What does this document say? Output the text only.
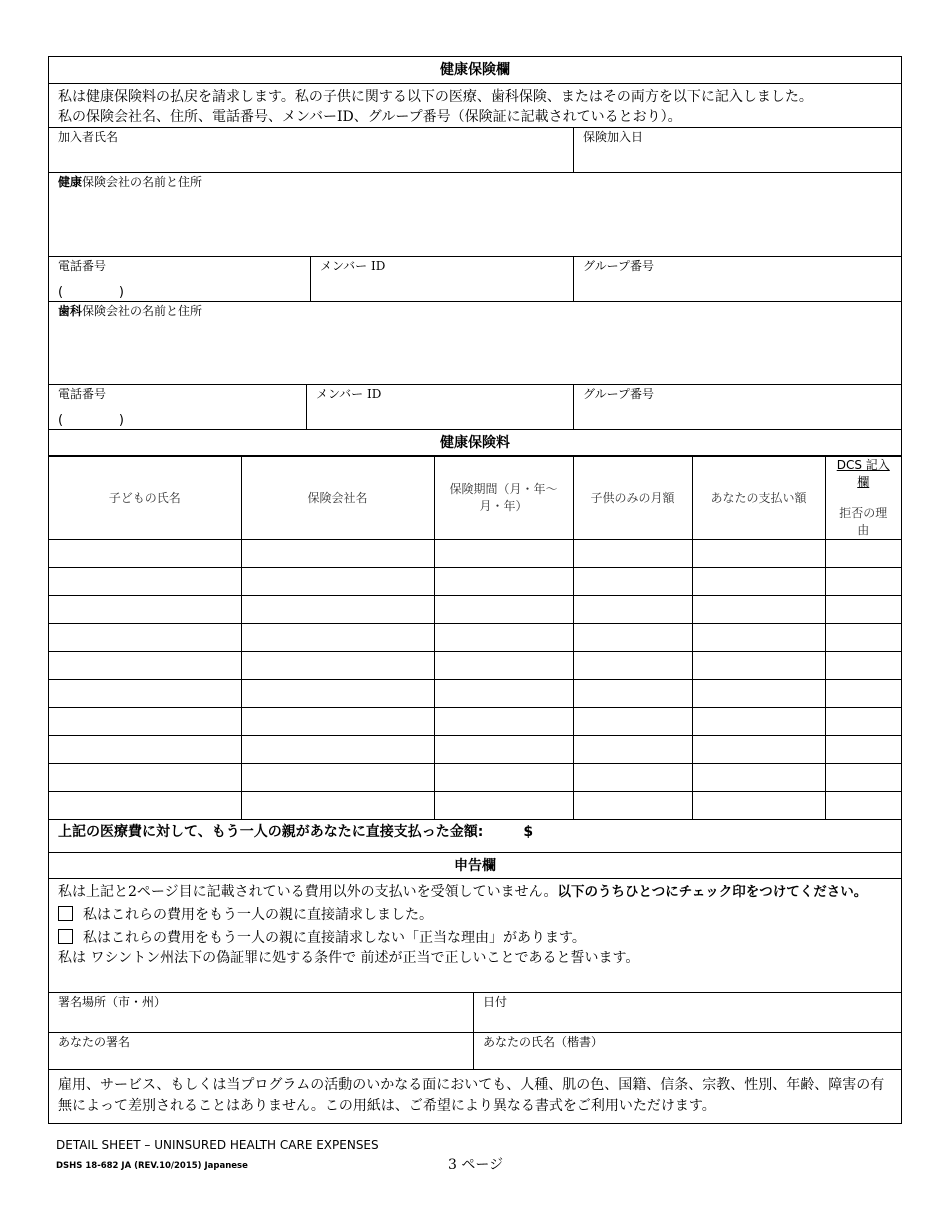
健康保険欄
私は健康保険料の払戻を請求します。私の子供に関する以下の医療、歯科保険、またはその両方を以下に記入しました。
私の保険会社名、住所、電話番号、メンバーID、グループ番号（保険証に記載されているとおり）。
加入者氏名	保険加入日
健康保険会社の名前と住所
電話番号
(	)
メンバー ID	グループ番号
歯科保険会社の名前と住所
電話番号
(	)
メンバー ID	グループ番号
健康保険料
子どもの氏名	保険会社名	保険期間（月・年～月・年）	子供のみの月額	あなたの支払い額	DCS 記入欄
拒否の理由

上記の医療費に対して、もう一人の親があなたに直接支払った金額:	$
申告欄

私は上記と2ページ目に記載されている費用以外の支払いを受領していません。以下のうちひとつにチェック印をつけてください。

私はこれらの費用をもう一人の親に直接請求しました。
私はこれらの費用をもう一人の親に直接請求しない「正当な理由」があります。

私は ワシントン州法下の偽証罪に処する条件で 前述が正当で正しいことであると誓います。

署名場所（市・州）	日付
あなたの署名	あなたの氏名（楷書）
雇用、サービス、もしくは当プログラムの活動のいかなる面においても、人種、肌の色、国籍、信条、宗教、性別、年齢、障害の有無によって差別されることはありません。この用紙は、ご希望により異なる書式をご利用いただけます。
DETAIL SHEET – UNINSURED HEALTH CARE EXPENSES
DSHS 18-682 JA (REV.10/2015) Japanese	3 ページ
